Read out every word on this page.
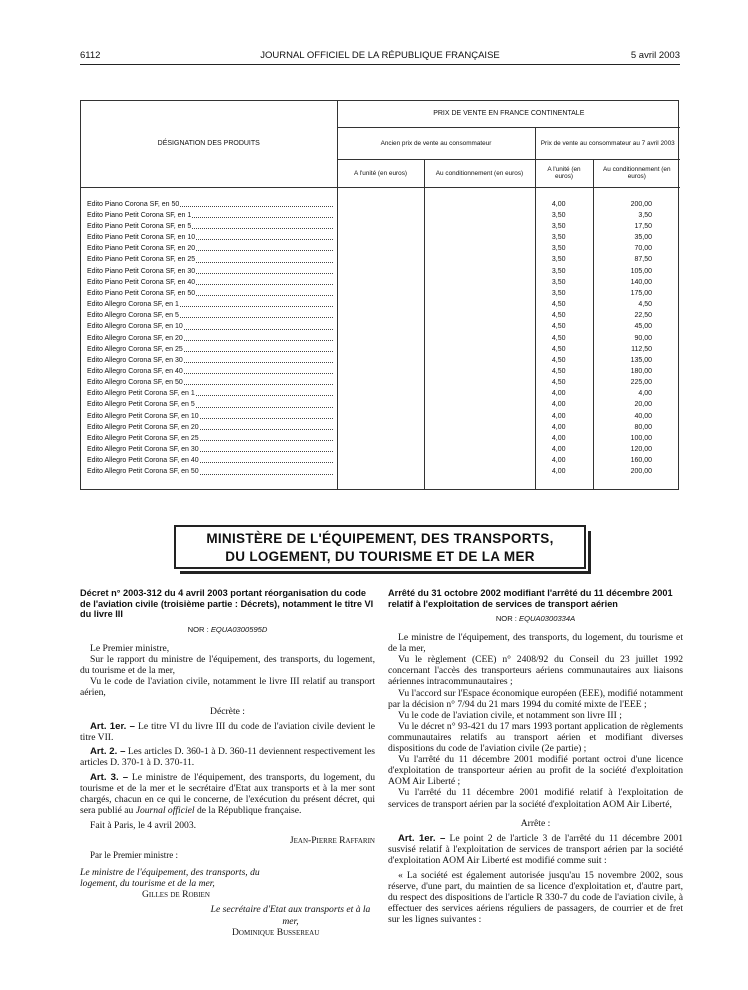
6112	JOURNAL OFFICIEL DE LA RÉPUBLIQUE FRANÇAISE	5 avril 2003
DÉSIGNATION DES PRODUITS	PRIX DE VENTE EN FRANCE CONTINENTALE			
	Ancien prix de vente au consommateur		Prix de vente au consommateur au 7 avril 2003	
	A l'unité (en euros)	Au conditionnement (en euros)	A l'unité (en euros)	Au conditionnement (en euros)

Edito Piano Corona SF, en 50			4,00	200,00

Edito Piano Petit Corona SF, en 1			3,50	3,50

Edito Piano Petit Corona SF, en 5			3,50	17,50

Edito Piano Petit Corona SF, en 10			3,50	35,00

Edito Piano Petit Corona SF, en 20			3,50	70,00

Edito Piano Petit Corona SF, en 25			3,50	87,50

Edito Piano Petit Corona SF, en 30			3,50	105,00

Edito Piano Petit Corona SF, en 40			3,50	140,00

Edito Piano Petit Corona SF, en 50			3,50	175,00

Edito Allegro Corona SF, en 1			4,50	4,50

Edito Allegro Corona SF, en 5			4,50	22,50

Edito Allegro Corona SF, en 10			4,50	45,00

Edito Allegro Corona SF, en 20			4,50	90,00

Edito Allegro Corona SF, en 25			4,50	112,50

Edito Allegro Corona SF, en 30			4,50	135,00

Edito Allegro Corona SF, en 40			4,50	180,00

Edito Allegro Corona SF, en 50			4,50	225,00

Edito Allegro Petit Corona SF, en 1			4,00	4,00

Edito Allegro Petit Corona SF, en 5			4,00	20,00

Edito Allegro Petit Corona SF, en 10			4,00	40,00

Edito Allegro Petit Corona SF, en 20			4,00	80,00

Edito Allegro Petit Corona SF, en 25			4,00	100,00

Edito Allegro Petit Corona SF, en 30			4,00	120,00

Edito Allegro Petit Corona SF, en 40			4,00	160,00

Edito Allegro Petit Corona SF, en 50			4,00	200,00

MINISTÈRE DE L'ÉQUIPEMENT, DES TRANSPORTS,
DU LOGEMENT, DU TOURISME ET DE LA MER
Décret n° 2003-312 du 4 avril 2003 portant réorganisation du code de l'aviation civile (troisième partie : Décrets), notamment le titre VI du livre III
NOR : EQUA0300595D

Le Premier ministre,

Sur le rapport du ministre de l'équipement, des transports, du logement, du tourisme et de la mer,

Vu le code de l'aviation civile, notamment le livre III relatif au transport aérien,

Décrète :

Art. 1er. – Le titre VI du livre III du code de l'aviation civile devient le titre VII.

Art. 2. – Les articles D. 360-1 à D. 360-11 deviennent respectivement les articles D. 370-1 à D. 370-11.

Art. 3. – Le ministre de l'équipement, des transports, du logement, du tourisme et de la mer et le secrétaire d'Etat aux transports et à la mer sont chargés, chacun en ce qui le concerne, de l'exécution du présent décret, qui sera publié au Journal officiel de la République française.

Fait à Paris, le 4 avril 2003.

Jean-Pierre Raffarin
Par le Premier ministre :
Le ministre de l'équipement, des transports, du logement, du tourisme et de la mer,
Gilles de Robien
Le secrétaire d'Etat aux transports et à la mer,
Dominique Bussereau
Arrêté du 31 octobre 2002 modifiant l'arrêté du 11 décembre 2001 relatif à l'exploitation de services de transport aérien
NOR : EQUA0300334A

Le ministre de l'équipement, des transports, du logement, du tourisme et de la mer,

Vu le règlement (CEE) n° 2408/92 du Conseil du 23 juillet 1992 concernant l'accès des transporteurs aériens communautaires aux liaisons aériennes intracommunautaires ;

Vu l'accord sur l'Espace économique européen (EEE), modifié notamment par la décision n° 7/94 du 21 mars 1994 du comité mixte de l'EEE ;

Vu le code de l'aviation civile, et notamment son livre III ;

Vu le décret n° 93-421 du 17 mars 1993 portant application de règlements communautaires relatifs au transport aérien et modifiant diverses dispositions du code de l'aviation civile (2e partie) ;

Vu l'arrêté du 11 décembre 2001 modifié portant octroi d'une licence d'exploitation de transporteur aérien au profit de la société d'exploitation AOM Air Liberté ;

Vu l'arrêté du 11 décembre 2001 modifié relatif à l'exploitation de services de transport aérien par la société d'exploitation AOM Air Liberté,

Arrête :

Art. 1er. – Le point 2 de l'article 3 de l'arrêté du 11 décembre 2001 susvisé relatif à l'exploitation de services de transport aérien par la société d'exploitation AOM Air Liberté est modifié comme suit :

« La société est également autorisée jusqu'au 15 novembre 2002, sous réserve, d'une part, du maintien de sa licence d'exploitation et, d'autre part, du respect des dispositions de l'article R 330-7 du code de l'aviation civile, à effectuer des services aériens réguliers de passagers, de courrier et de fret sur les lignes suivantes :
